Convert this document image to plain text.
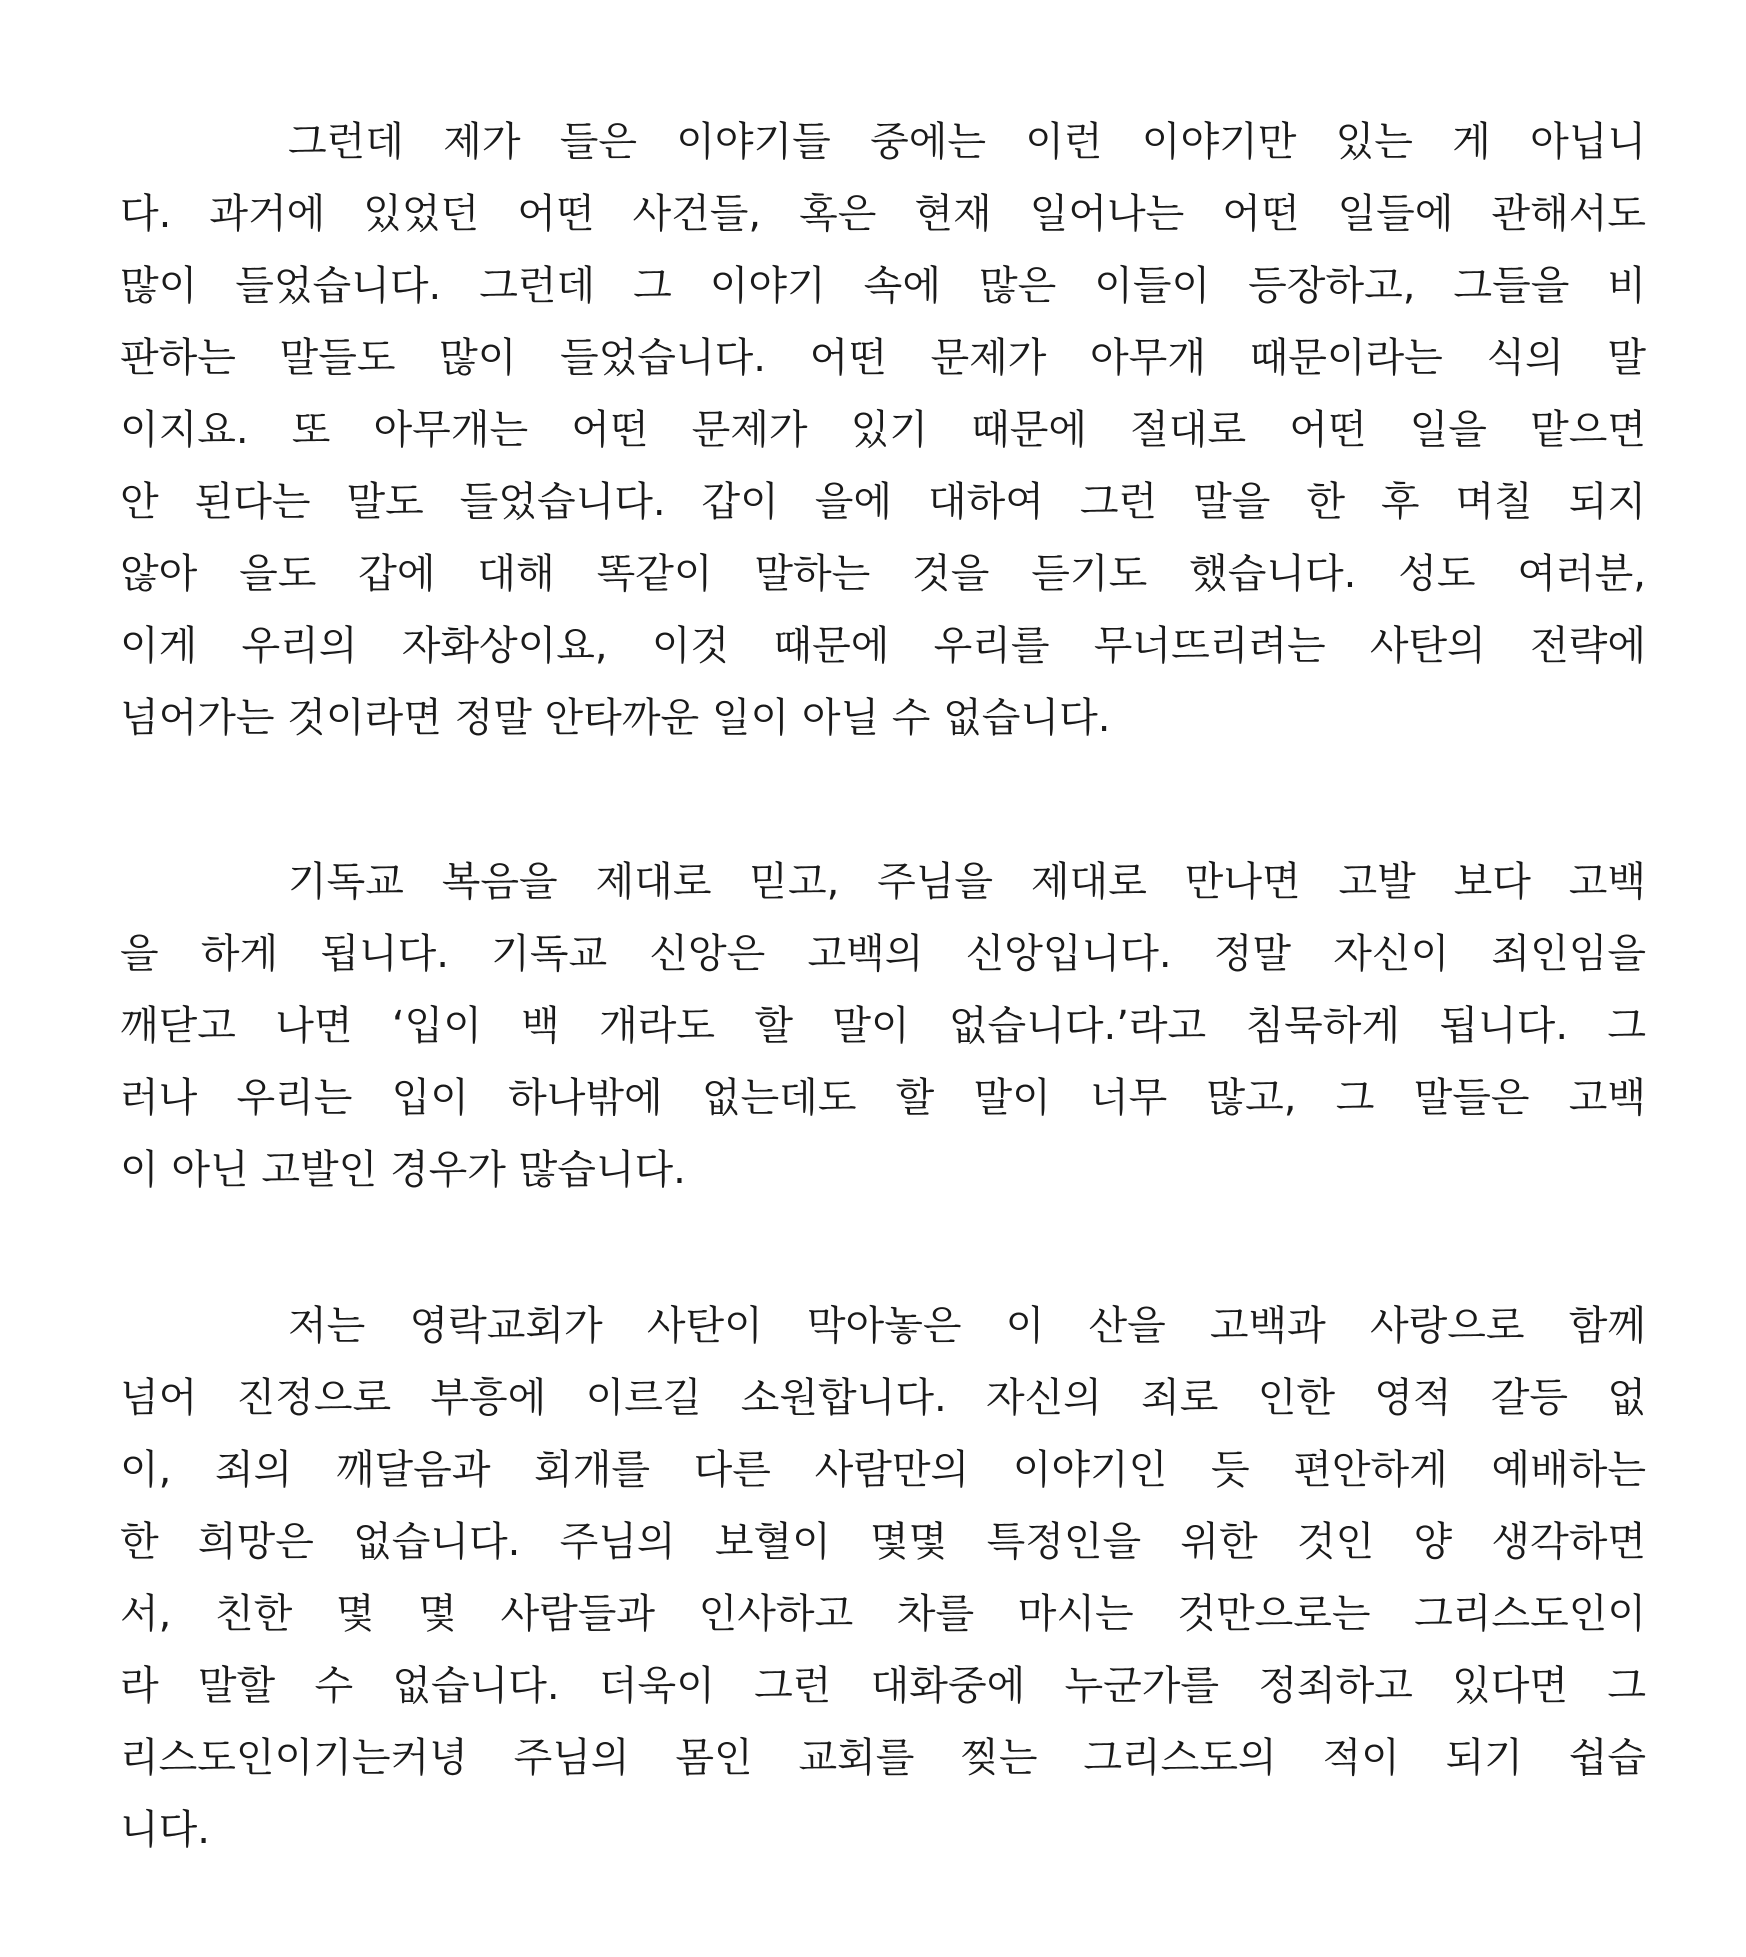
그런데 제가 들은 이야기들 중에는 이런 이야기만 있는 게 아닙니
다. 과거에 있었던 어떤 사건들, 혹은 현재 일어나는 어떤 일들에 관해서도
많이 들었습니다. 그런데 그 이야기 속에 많은 이들이 등장하고, 그들을 비
판하는 말들도 많이 들었습니다. 어떤 문제가 아무개 때문이라는 식의 말
이지요. 또 아무개는 어떤 문제가 있기 때문에 절대로 어떤 일을 맡으면
안 된다는 말도 들었습니다. 갑이 을에 대하여 그런 말을 한 후 며칠 되지
않아 을도 갑에 대해 똑같이 말하는 것을 듣기도 했습니다. 성도 여러분,
이게 우리의 자화상이요, 이것 때문에 우리를 무너뜨리려는 사탄의 전략에
넘어가는 것이라면 정말 안타까운 일이 아닐 수 없습니다.
기독교 복음을 제대로 믿고, 주님을 제대로 만나면 고발 보다 고백
을 하게 됩니다. 기독교 신앙은 고백의 신앙입니다. 정말 자신이 죄인임을
깨닫고 나면 ‘입이 백 개라도 할 말이 없습니다.’라고 침묵하게 됩니다. 그
러나 우리는 입이 하나밖에 없는데도 할 말이 너무 많고, 그 말들은 고백
이 아닌 고발인 경우가 많습니다.
저는 영락교회가 사탄이 막아놓은 이 산을 고백과 사랑으로 함께
넘어 진정으로 부흥에 이르길 소원합니다. 자신의 죄로 인한 영적 갈등 없
이, 죄의 깨달음과 회개를 다른 사람만의 이야기인 듯 편안하게 예배하는
한 희망은 없습니다. 주님의 보혈이 몇몇 특정인을 위한 것인 양 생각하면
서, 친한 몇 몇 사람들과 인사하고 차를 마시는 것만으로는 그리스도인이
라 말할 수 없습니다. 더욱이 그런 대화중에 누군가를 정죄하고 있다면 그
리스도인이기는커녕 주님의 몸인 교회를 찢는 그리스도의 적이 되기 쉽습
니다.
